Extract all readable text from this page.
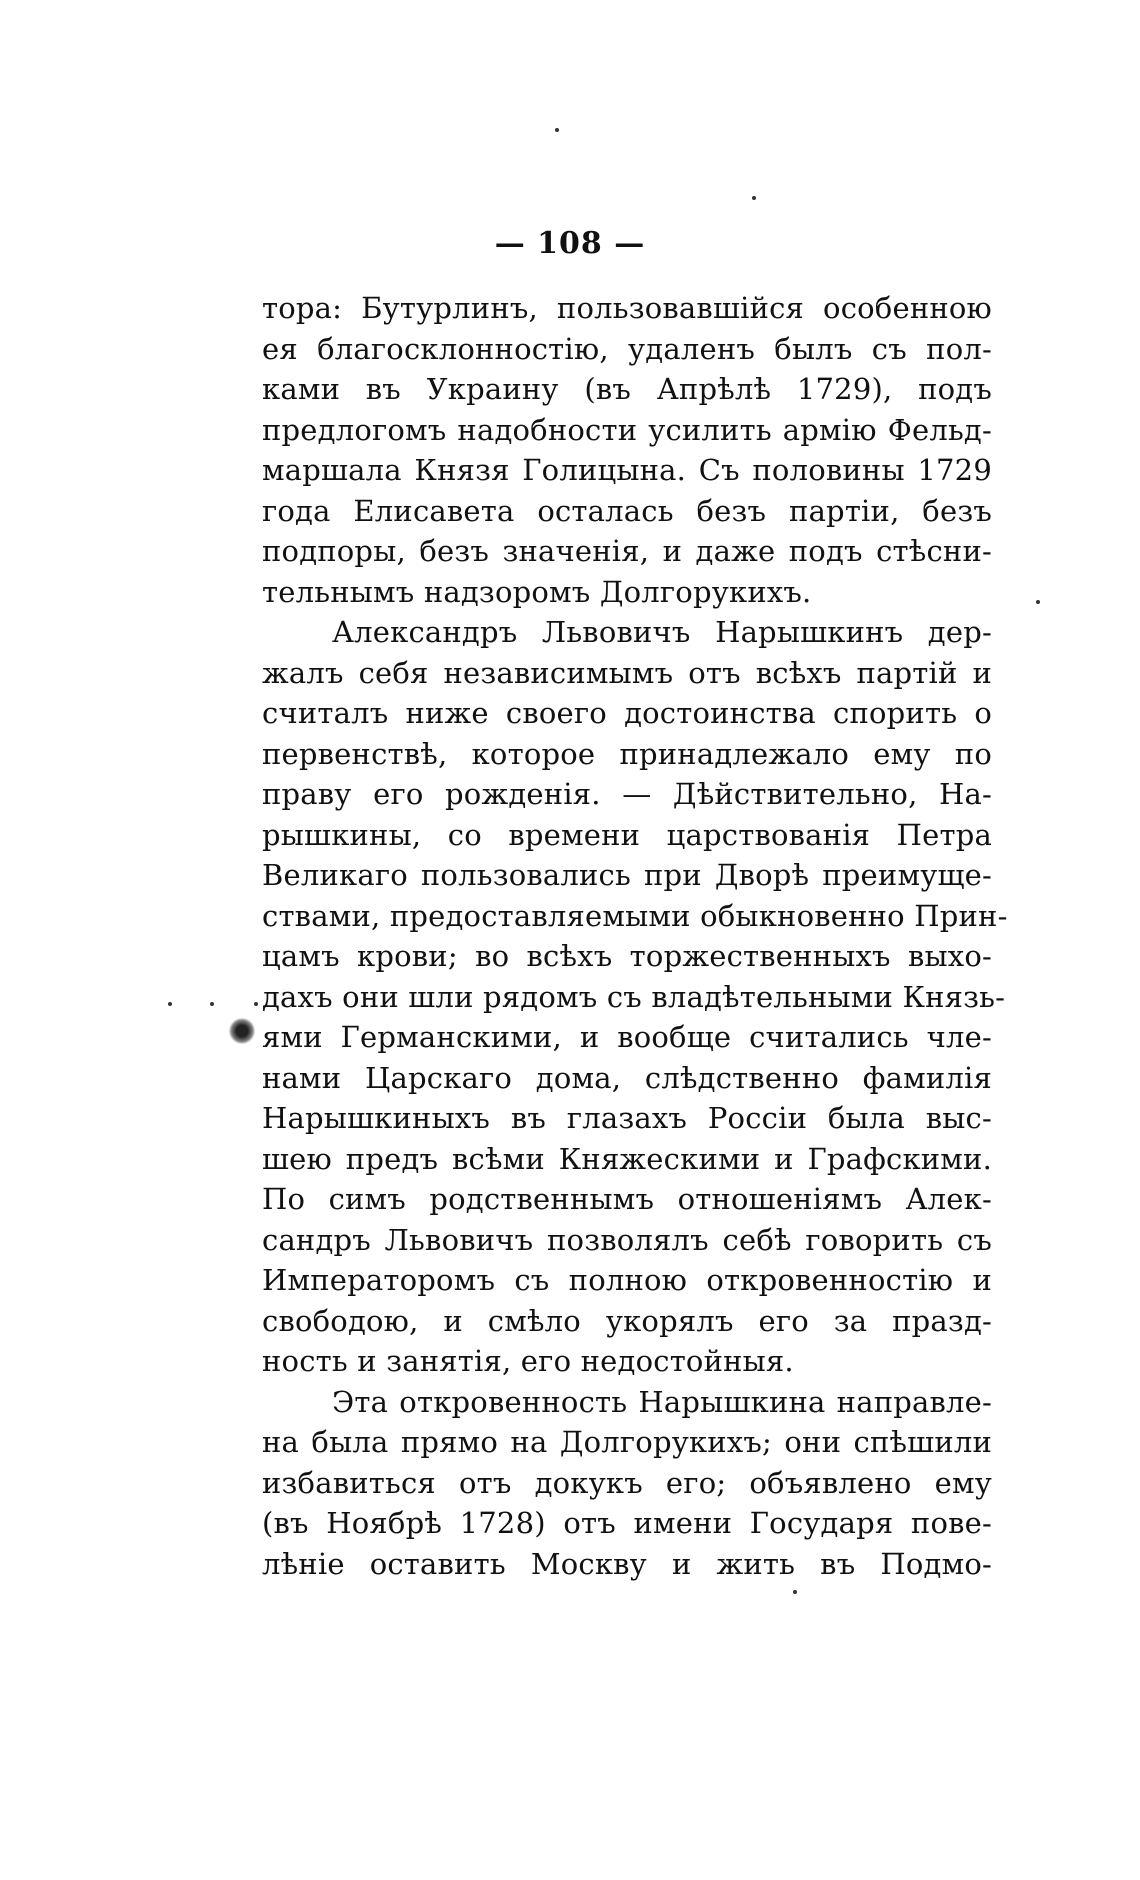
— 108 —
тора: Бутурлинъ, пользовавшійся особенною
ея благосклонностію, удаленъ былъ съ пол-
ками въ Украину (въ Апрѣлѣ 1729), подъ
предлогомъ надобности усилить армію Фельд-
маршала Князя Голицына. Съ половины 1729
года Елисавета осталась безъ партіи, безъ
подпоры, безъ значенія, и даже подъ стѣсни-
тельнымъ надзоромъ Долгорукихъ.
Александръ Львовичъ Нарышкинъ дер-
жалъ себя независимымъ отъ всѣхъ партій и
считалъ ниже своего достоинства спорить о
первенствѣ, которое принадлежало ему по
праву его рожденія. — Дѣйствительно, На-
рышкины, со времени царствованія Петра
Великаго пользовались при Дворѣ преимуще-
ствами, предоставляемыми обыкновенно Прин-
цамъ крови; во всѣхъ торжественныхъ выхо-
дахъ они шли рядомъ съ владѣтельными Князь-
ями Германскими, и вообще считались чле-
нами Царскаго дома, слѣдственно фамилія
Нарышкиныхъ въ глазахъ Россіи была выс-
шею предъ всѣми Княжескими и Графскими.
По симъ родственнымъ отношеніямъ Алек-
сандръ Львовичъ позволялъ себѣ говорить съ
Императоромъ съ полною откровенностію и
свободою, и смѣло укорялъ его за празд-
ность и занятія, его недостойныя.
Эта откровенность Нарышкина направле-
на была прямо на Долгорукихъ; они спѣшили
избавиться отъ докукъ его; объявлено ему
(въ Ноябрѣ 1728) отъ имени Государя пове-
лѣніе оставить Москву и жить въ Подмо-
